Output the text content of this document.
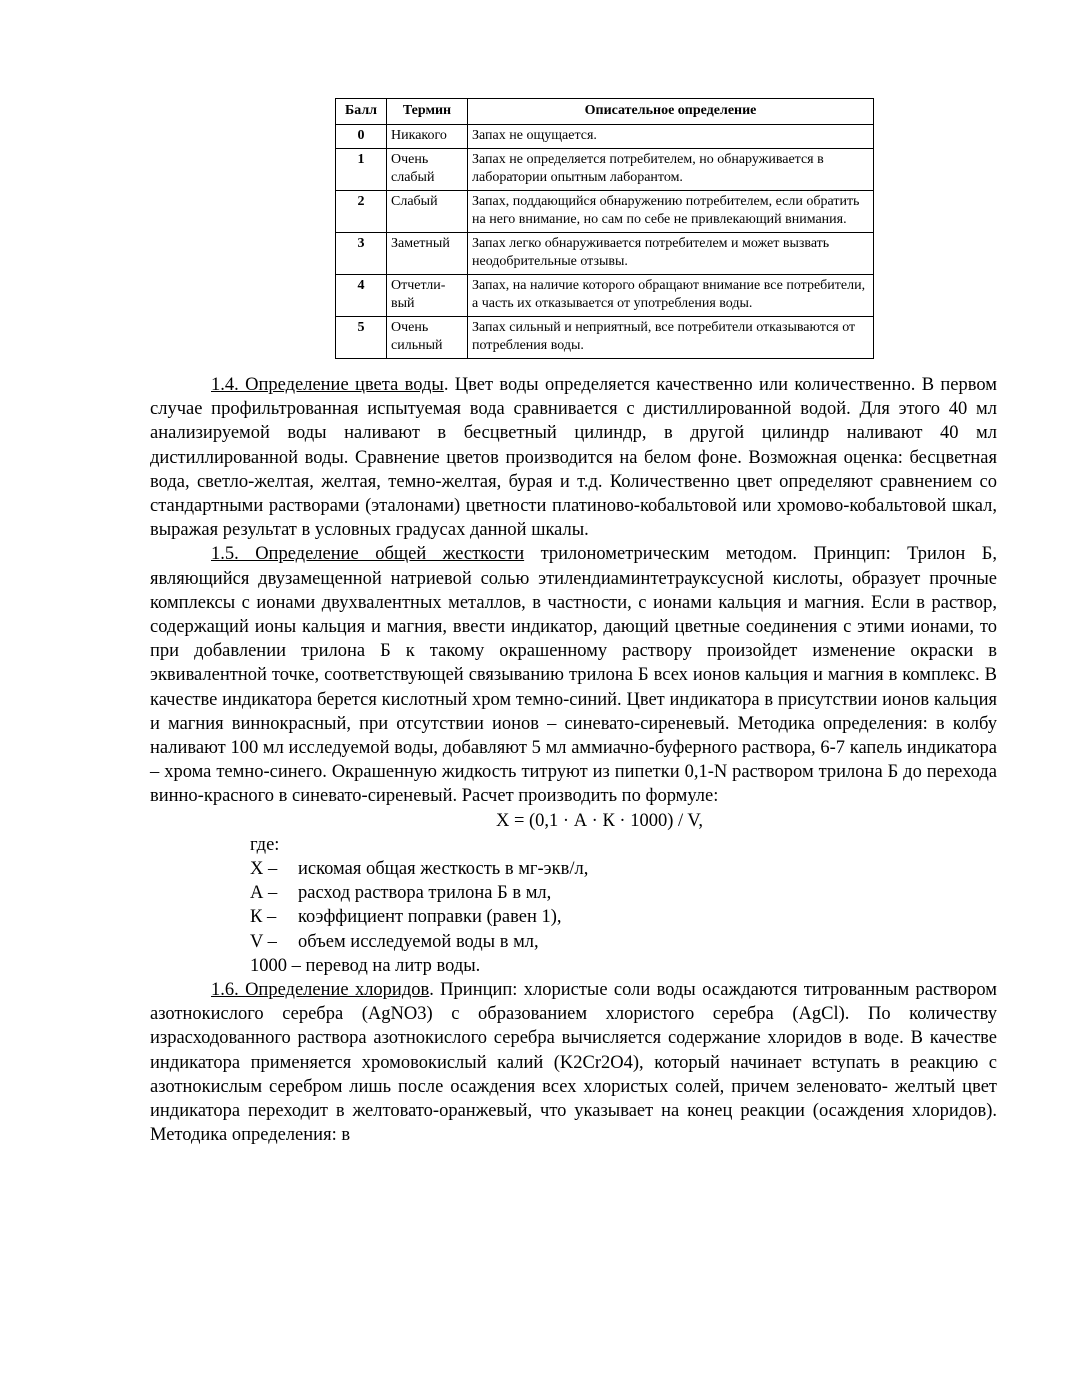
Балл	Термин	Описательное определение
0	Никакого	Запах не ощущается.
1	Очень слабый	Запах не определяется потребителем, но обнаруживается в лаборатории опытным лаборантом.
2	Слабый	Запах, поддающийся обнаружению потребителем, если обратить на него внимание, но сам по себе не привлекающий внимания.
3	Заметный	Запах легко обнаруживается потребителем и может вызвать неодобрительные отзывы.
4	Отчетли-вый	Запах, на наличие которого обращают внимание все потребители, а часть их отказывается от употребления воды.
5	Очень сильный	Запах сильный и неприятный, все потребители отказываются от потребления воды.

1.4. Определение цвета воды. Цвет воды определяется качественно или количественно. В первом случае профильтрованная испытуемая вода сравнивается с дистиллированной водой. Для этого 40 мл анализируемой воды наливают в бесцветный цилиндр, в другой цилиндр наливают 40 мл дистиллированной воды. Сравнение цветов производится на белом фоне. Возможная оценка: бесцветная вода, светло-желтая, желтая, темно-желтая, бурая и т.д. Количественно цвет определяют сравнением со стандартными растворами (эталонами) цветности платиново-кобальтовой или хромово-кобальтовой шкал, выражая результат в условных градусах данной шкалы.

1.5. Определение общей жесткости трилонометрическим методом. Принцип: Трилон Б, являющийся двузамещенной натриевой солью этилендиаминтетрауксусной кислоты, образует прочные комплексы с ионами двухвалентных металлов, в частности, с ионами кальция и магния. Если в раствор, содержащий ионы кальция и магния, ввести индикатор, дающий цветные соединения с этими ионами, то при добавлении трилона Б к такому окрашенному раствору произойдет изменение окраски в эквивалентной точке, соответствующей связыванию трилона Б всех ионов кальция и магния в комплекс. В качестве индикатора берется кислотный хром темно-синий. Цвет индикатора в присутствии ионов кальция и магния виннокрасный, при отсутствии ионов – синевато-сиреневый. Методика определения: в колбу наливают 100 мл исследуемой воды, добавляют 5 мл аммиачно-буферного раствора, 6-7 капель индикатора – хрома темно-синего. Окрашенную жидкость титруют из пипетки 0,1-N раствором трилона Б до перехода винно-красного в синевато-сиреневый. Расчет производить по формуле:

X = (0,1 · А · К · 1000) / V,

где:

X –	искомая общая жесткость в мг-экв/л,
А –	расход раствора трилона Б в мл,
К –	коэффициент поправки (равен 1),
V –	объем исследуемой воды в мл,
1000 – перевод на литр воды.

1.6. Определение хлоридов. Принцип: хлористые соли воды осаждаются титрованным раствором азотнокислого серебра (AgNO3) с образованием хлористого серебра (AgCl). По количеству израсходованного раствора азотнокислого серебра вычисляется содержание хлоридов в воде. В качестве индикатора применяется хромовокислый калий (K2Cr2O4), который начинает вступать в реакцию с азотнокислым серебром лишь после осаждения всех хлористых солей, причем зеленовато- желтый цвет индикатора переходит в желтовато-оранжевый, что указывает на конец реакции (осаждения хлоридов). Методика определения: в
